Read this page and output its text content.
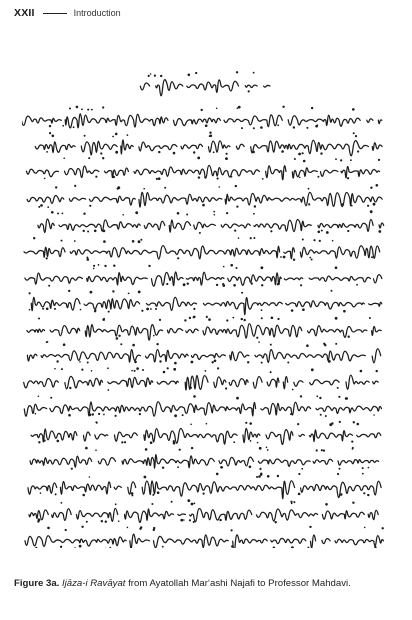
XXII	Introduction
Figure 3a. Ijāza-i Ravāyat from Ayatollah Mar‘ashi Najafi to Professor Mahdavi.
